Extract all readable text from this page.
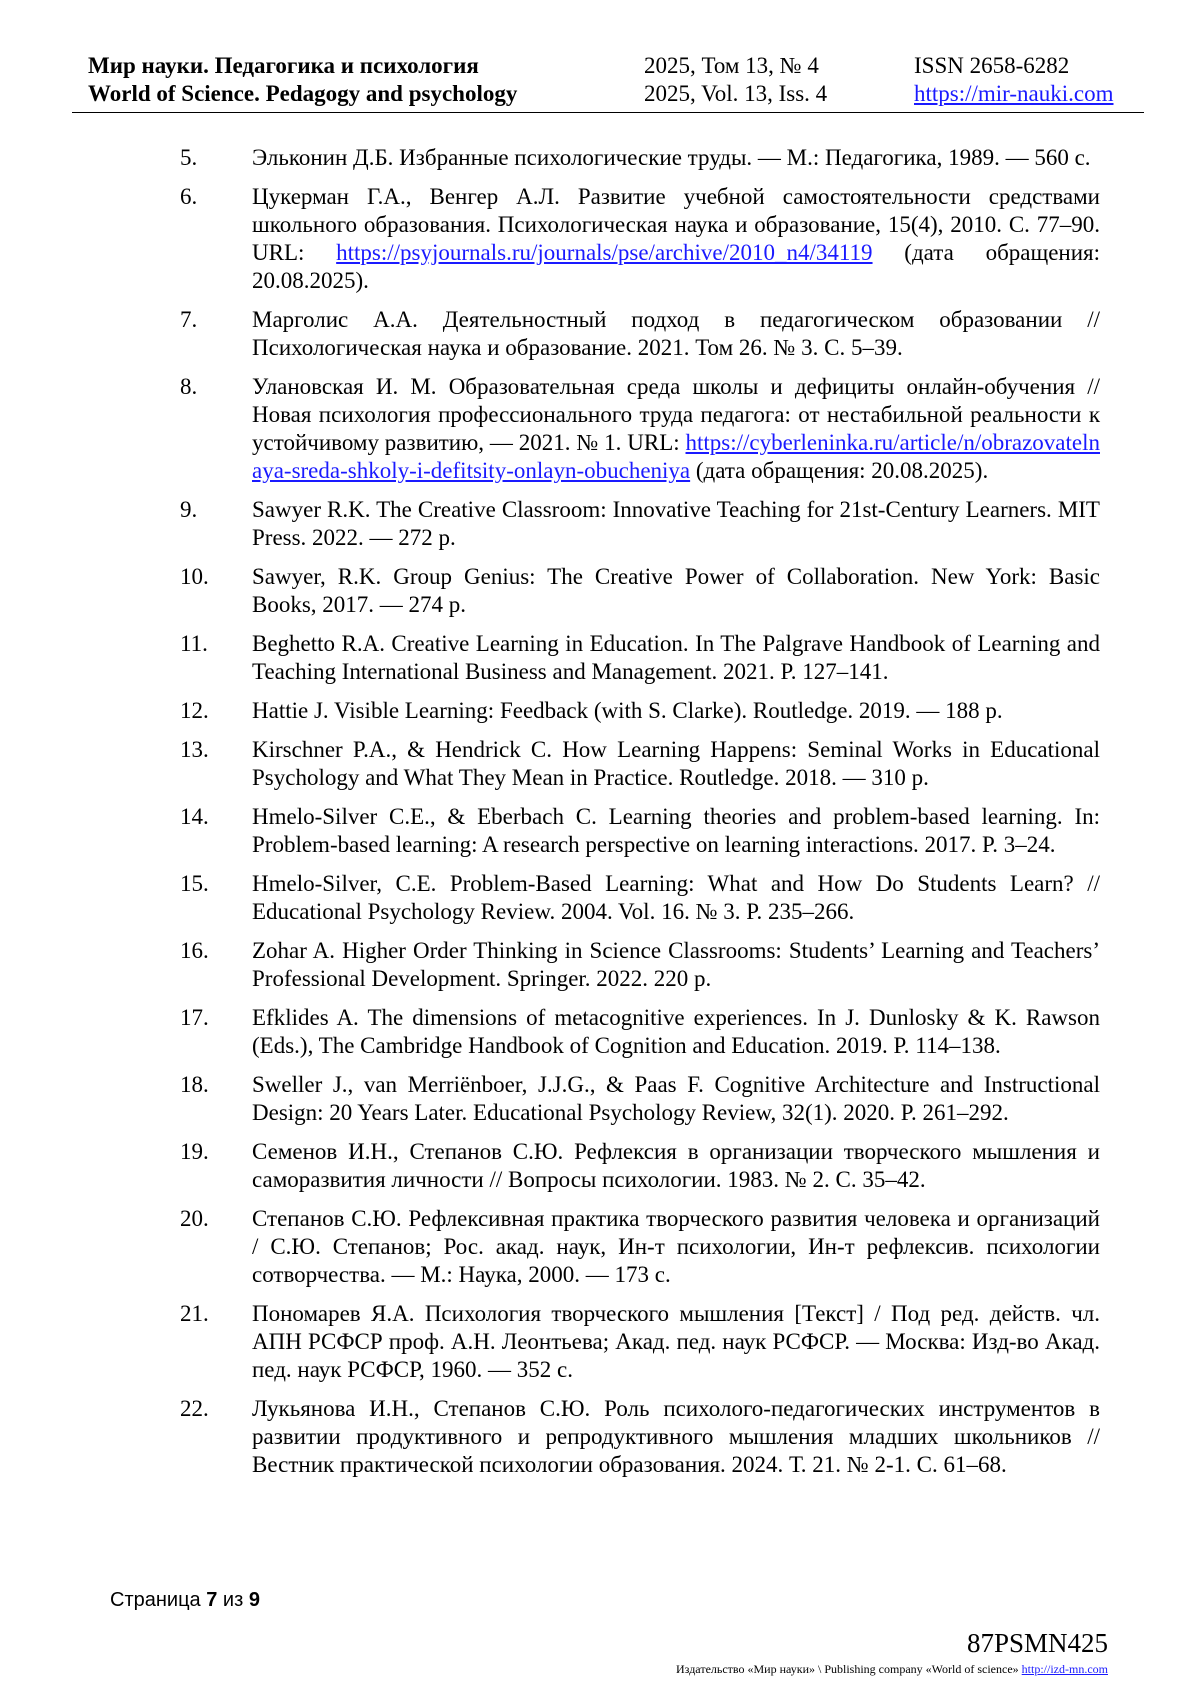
Мир науки. Педагогика и психология
World of Science. Pedagogy and psychology
2025, Том 13, № 4
2025, Vol. 13, Iss. 4
ISSN 2658-6282
https://mir-nauki.com
5. Эльконин Д.Б. Избранные психологические труды. — М.: Педагогика, 1989. — 560 с.
6. Цукерман Г.А., Венгер А.Л. Развитие учебной самостоятельности средствами школьного образования. Психологическая наука и образование, 15(4), 2010. С. 77–90. URL: https://psyjournals.ru/journals/pse/archive/2010_n4/34119 (дата обращения: 20.08.2025).
7. Марголис А.А. Деятельностный подход в педагогическом образовании // Психологическая наука и образование. 2021. Том 26. № 3. С. 5–39.
8. Улановская И. М. Образовательная среда школы и дефициты онлайн-обучения // Новая психология профессионального труда педагога: от нестабильной реальности к устойчивому развитию, — 2021. № 1. URL: https://cyberleninka.ru/article/n/obrazovatelnaya-sreda-shkoly-i-defitsity-onlayn-obucheniya (дата обращения: 20.08.2025).
9. Sawyer R.K. The Creative Classroom: Innovative Teaching for 21st-Century Learners. MIT Press. 2022. — 272 p.
10. Sawyer, R.K. Group Genius: The Creative Power of Collaboration. New York: Basic Books, 2017. — 274 p.
11. Beghetto R.A. Creative Learning in Education. In The Palgrave Handbook of Learning and Teaching International Business and Management. 2021. P. 127–141.
12. Hattie J. Visible Learning: Feedback (with S. Clarke). Routledge. 2019. — 188 p.
13. Kirschner P.A., & Hendrick C. How Learning Happens: Seminal Works in Educational Psychology and What They Mean in Practice. Routledge. 2018. — 310 p.
14. Hmelo-Silver C.E., & Eberbach C. Learning theories and problem-based learning. In: Problem-based learning: A research perspective on learning interactions. 2017. P. 3–24.
15. Hmelo-Silver, C.E. Problem-Based Learning: What and How Do Students Learn? // Educational Psychology Review. 2004. Vol. 16. № 3. P. 235–266.
16. Zohar A. Higher Order Thinking in Science Classrooms: Students’ Learning and Teachers’ Professional Development. Springer. 2022. 220 p.
17. Efklides A. The dimensions of metacognitive experiences. In J. Dunlosky & K. Rawson (Eds.), The Cambridge Handbook of Cognition and Education. 2019. P. 114–138.
18. Sweller J., van Merriënboer, J.J.G., & Paas F. Cognitive Architecture and Instructional Design: 20 Years Later. Educational Psychology Review, 32(1). 2020. P. 261–292.
19. Семенов И.Н., Степанов С.Ю. Рефлексия в организации творческого мышления и саморазвития личности // Вопросы психологии. 1983. № 2. С. 35–42.
20. Степанов С.Ю. Рефлексивная практика творческого развития человека и организаций / С.Ю. Степанов; Рос. акад. наук, Ин-т психологии, Ин-т рефлексив. психологии сотворчества. — М.: Наука, 2000. — 173 с.
21. Пономарев Я.А. Психология творческого мышления [Текст] / Под ред. действ. чл. АПН РСФСР проф. А.Н. Леонтьева; Акад. пед. наук РСФСР. — Москва: Изд-во Акад. пед. наук РСФСР, 1960. — 352 с.
22. Лукьянова И.Н., Степанов С.Ю. Роль психолого-педагогических инструментов в развитии продуктивного и репродуктивного мышления младших школьников // Вестник практической психологии образования. 2024. Т. 21. № 2-1. С. 61–68.
Страница 7 из 9
87PSMN425
Издательство «Мир науки» \ Publishing company «World of science» http://izd-mn.com
